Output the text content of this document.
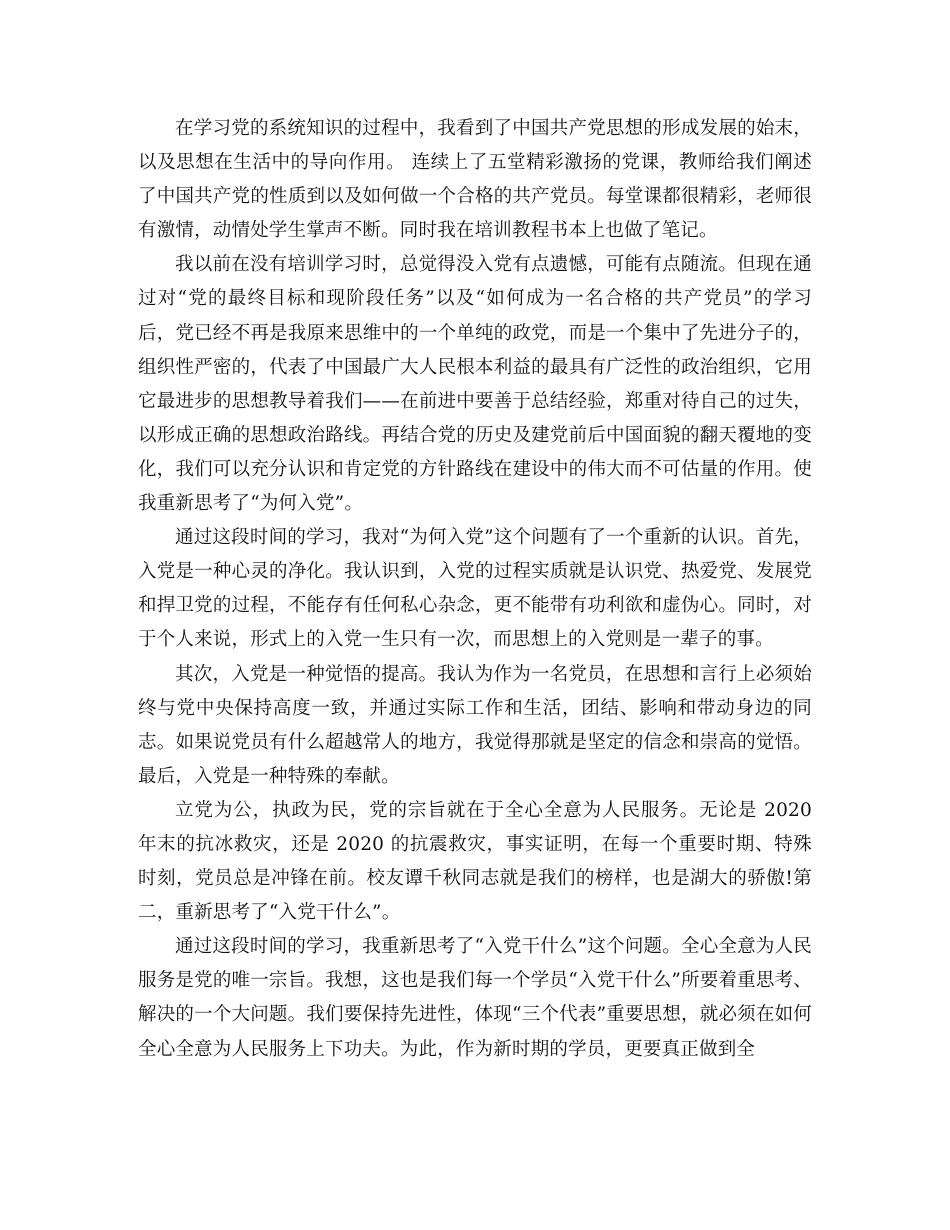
在学习党的系统知识的过程中，我看到了中国共产党思想的形成发展的始末，以及思想在生活中的导向作用。 连续上了五堂精彩激扬的党课，教师给我们阐述了中国共产党的性质到以及如何做一个合格的共产党员。每堂课都很精彩，老师很有激情，动情处学生掌声不断。同时我在培训教程书本上也做了笔记。

我以前在没有培训学习时，总觉得没入党有点遗憾，可能有点随流。但现在通过对“党的最终目标和现阶段任务”以及“如何成为一名合格的共产党员”的学习后，党已经不再是我原来思维中的一个单纯的政党，而是一个集中了先进分子的，组织性严密的，代表了中国最广大人民根本利益的最具有广泛性的政治组织，它用它最进步的思想教导着我们——在前进中要善于总结经验，郑重对待自己的过失，以形成正确的思想政治路线。再结合党的历史及建党前后中国面貌的翻天覆地的变化，我们可以充分认识和肯定党的方针路线在建设中的伟大而不可估量的作用。使我重新思考了“为何入党”。

通过这段时间的学习，我对“为何入党”这个问题有了一个重新的认识。首先，入党是一种心灵的净化。我认识到，入党的过程实质就是认识党、热爱党、发展党和捍卫党的过程，不能存有任何私心杂念，更不能带有功利欲和虚伪心。同时，对于个人来说，形式上的入党一生只有一次，而思想上的入党则是一辈子的事。

其次，入党是一种觉悟的提高。我认为作为一名党员，在思想和言行上必须始终与党中央保持高度一致，并通过实际工作和生活，团结、影响和带动身边的同志。如果说党员有什么超越常人的地方，我觉得那就是坚定的信念和崇高的觉悟。最后，入党是一种特殊的奉献。

立党为公，执政为民，党的宗旨就在于全心全意为人民服务。无论是 2020 年末的抗冰救灾，还是 2020 的抗震救灾，事实证明，在每一个重要时期、特殊时刻，党员总是冲锋在前。校友谭千秋同志就是我们的榜样，也是湖大的骄傲!第二，重新思考了“入党干什么”。

通过这段时间的学习，我重新思考了“入党干什么”这个问题。全心全意为人民服务是党的唯一宗旨。我想，这也是我们每一个学员“入党干什么”所要着重思考、解决的一个大问题。我们要保持先进性，体现“三个代表”重要思想，就必须在如何全心全意为人民服务上下功夫。为此，作为新时期的学员，更要真正做到全
